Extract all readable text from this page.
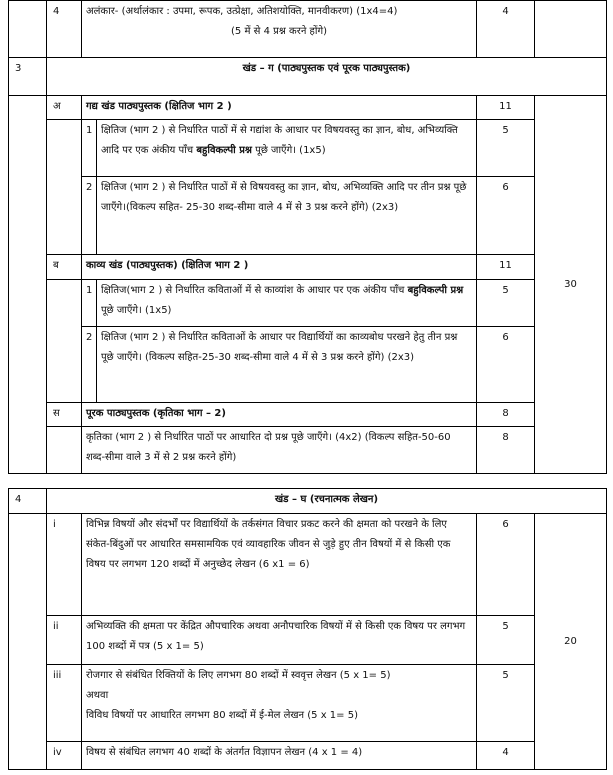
	4	अलंकार- (अर्थालंकार : उपमा, रूपक, उत्प्रेक्षा, अतिशयोक्ति, मानवीकरण) (1x4=4)
(5 में से 4 प्रश्न करने होंगे)		4	
3	खंड – ग (पाठ्यपुस्तक एवं पूरक पाठ्यपुस्तक)				
	अ	गद्य खंड पाठ्यपुस्तक (क्षितिज भाग 2 )		11	30
		1	क्षितिज (भाग 2 ) से निर्धारित पाठों में से गद्यांश के आधार पर विषयवस्तु का ज्ञान, बोध, अभिव्यक्ति आदि पर एक अंकीय पाँच बहुविकल्पी प्रश्न पूछे जाएँगे। (1x5)	5	
		2	क्षितिज (भाग 2 ) से निर्धारित पाठों में से विषयवस्तु का ज्ञान, बोध, अभिव्यक्ति आदि पर तीन प्रश्न पूछे जाएँगे।(विकल्प सहित- 25-30 शब्द-सीमा वाले 4 में से 3 प्रश्न करने होंगे) (2x3)	6	
	ब	काव्य खंड (पाठ्यपुस्तक) (क्षितिज भाग 2 )		11	
		1	क्षितिज(भाग 2 ) से निर्धारित कविताओं में से काव्यांश के आधार पर एक अंकीय पाँच बहुविकल्पी प्रश्न पूछे जाएँगे। (1x5)	5	
		2	क्षितिज (भाग 2 ) से निर्धारित कविताओं के आधार पर विद्यार्थियों का काव्यबोध परखने हेतु तीन प्रश्न पूछे जाएँगे। (विकल्प सहित-25-30 शब्द-सीमा वाले 4 में से 3 प्रश्न करने होंगे) (2x3)	6	
	स	पूरक पाठ्यपुस्तक (कृतिका भाग – 2)		8	
		कृतिका (भाग 2 ) से निर्धारित पाठों पर आधारित दो प्रश्न पूछे जाएँगे। (4x2) (विकल्प सहित-50-60 शब्द-सीमा वाले 3 में से 2 प्रश्न करने होंगे)		8	
4	खंड – घ (रचनात्मक लेखन)			
	i	विभिन्न विषयों और संदर्भों पर विद्यार्थियों के तर्कसंगत विचार प्रकट करने की क्षमता को परखने के लिए संकेत-बिंदुओं पर आधारित समसामयिक एवं व्यावहारिक जीवन से जुड़े हुए तीन विषयों में से किसी एक विषय पर लगभग 120 शब्दों में अनुच्छेद लेखन (6 x1 = 6)	6	20
	ii	अभिव्यक्ति की क्षमता पर केंद्रित औपचारिक अथवा अनौपचारिक विषयों में से किसी एक विषय पर लगभग 100 शब्दों में पत्र (5 x 1= 5)	5	
	iii	रोजगार से संबंधित रिक्तियों के लिए लगभग 80 शब्दों में स्ववृत्त लेखन (5 x 1= 5)
अथवा
विविध विषयों पर आधारित लगभग 80 शब्दों में ई-मेल लेखन (5 x 1= 5)	5	
	iv	विषय से संबंधित लगभग 40 शब्दों के अंतर्गत विज्ञापन लेखन (4 x 1 = 4)	4	
